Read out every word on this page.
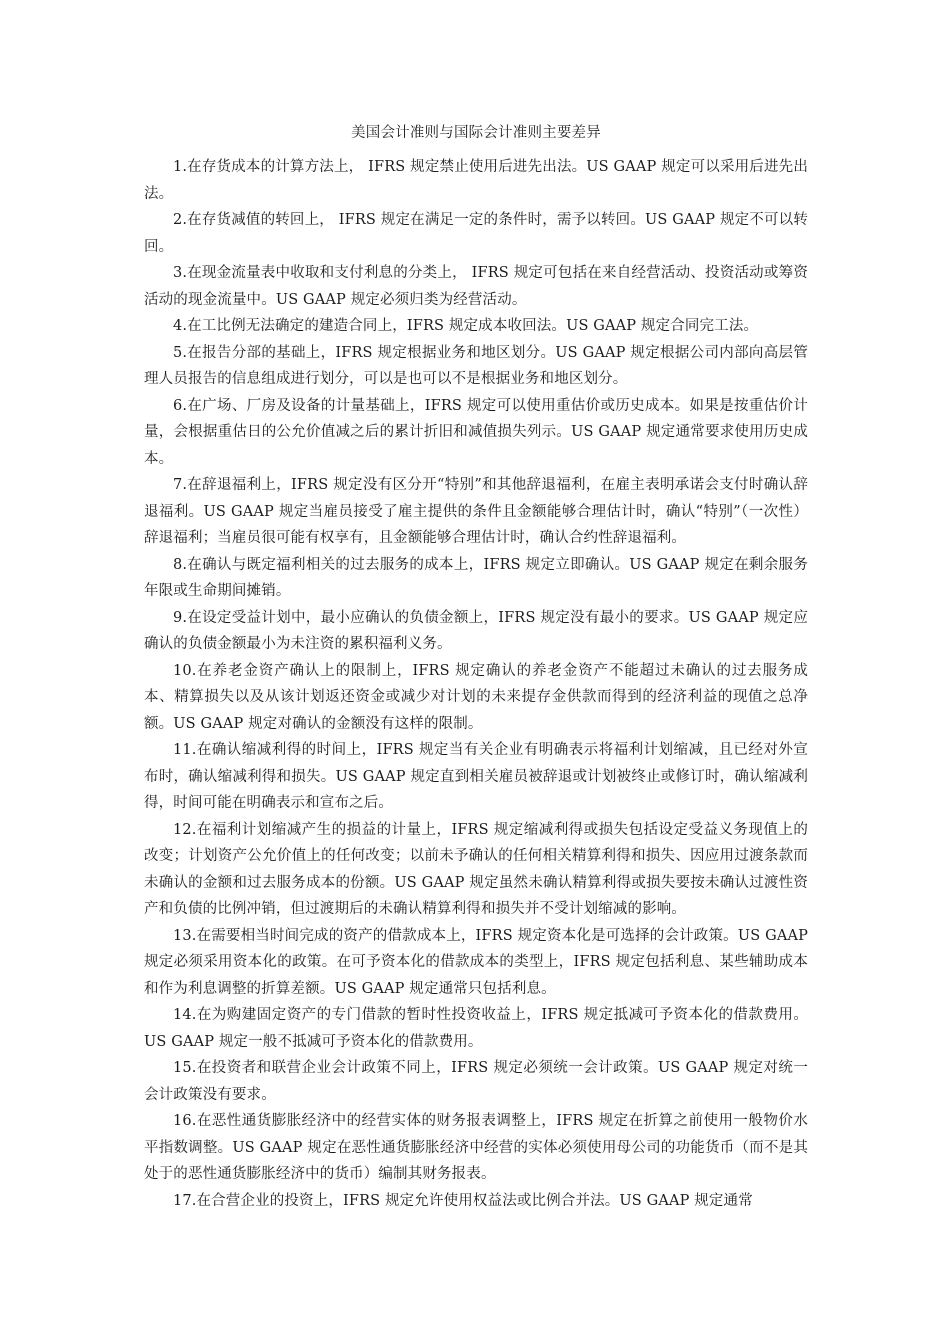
美国会计准则与国际会计准则主要差异

1.在存货成本的计算方法上， IFRS 规定禁止使用后进先出法。US GAAP 规定可以采用后进先出法。

2.在存货减值的转回上， IFRS 规定在满足一定的条件时，需予以转回。US GAAP 规定不可以转回。

3.在现金流量表中收取和支付利息的分类上， IFRS 规定可包括在来自经营活动、投资活动或筹资活动的现金流量中。US GAAP 规定必须归类为经营活动。

4.在工比例无法确定的建造合同上，IFRS 规定成本收回法。US GAAP 规定合同完工法。

5.在报告分部的基础上，IFRS 规定根据业务和地区划分。US GAAP 规定根据公司内部向高层管理人员报告的信息组成进行划分，可以是也可以不是根据业务和地区划分。

6.在广场、厂房及设备的计量基础上，IFRS 规定可以使用重估价或历史成本。如果是按重估价计量，会根据重估日的公允价值减之后的累计折旧和减值损失列示。US GAAP 规定通常要求使用历史成本。

7.在辞退福利上，IFRS 规定没有区分开“特别”和其他辞退福利，在雇主表明承诺会支付时确认辞退福利。US GAAP 规定当雇员接受了雇主提供的条件且金额能够合理估计时，确认“特别”（一次性）辞退福利；当雇员很可能有权享有，且金额能够合理估计时，确认合约性辞退福利。

8.在确认与既定福利相关的过去服务的成本上，IFRS 规定立即确认。US GAAP 规定在剩余服务年限或生命期间摊销。

9.在设定受益计划中，最小应确认的负债金额上，IFRS 规定没有最小的要求。US GAAP 规定应确认的负债金额最小为未注资的累积福利义务。

10.在养老金资产确认上的限制上，IFRS 规定确认的养老金资产不能超过未确认的过去服务成本、精算损失以及从该计划返还资金或减少对计划的未来提存金供款而得到的经济利益的现值之总净额。US GAAP 规定对确认的金额没有这样的限制。

11.在确认缩减利得的时间上，IFRS 规定当有关企业有明确表示将福利计划缩减，且已经对外宣布时，确认缩减利得和损失。US GAAP 规定直到相关雇员被辞退或计划被终止或修订时，确认缩减利得，时间可能在明确表示和宣布之后。

12.在福利计划缩减产生的损益的计量上，IFRS 规定缩减利得或损失包括设定受益义务现值上的改变；计划资产公允价值上的任何改变；以前未予确认的任何相关精算利得和损失、因应用过渡条款而未确认的金额和过去服务成本的份额。US GAAP 规定虽然未确认精算利得或损失要按未确认过渡性资产和负债的比例冲销，但过渡期后的未确认精算利得和损失并不受计划缩减的影响。

13.在需要相当时间完成的资产的借款成本上，IFRS 规定资本化是可选择的会计政策。US GAAP 规定必须采用资本化的政策。在可予资本化的借款成本的类型上，IFRS 规定包括利息、某些辅助成本和作为利息调整的折算差额。US GAAP 规定通常只包括利息。

14.在为购建固定资产的专门借款的暂时性投资收益上，IFRS 规定抵减可予资本化的借款费用。US GAAP 规定一般不抵减可予资本化的借款费用。

15.在投资者和联营企业会计政策不同上，IFRS 规定必须统一会计政策。US GAAP 规定对统一会计政策没有要求。

16.在恶性通货膨胀经济中的经营实体的财务报表调整上，IFRS 规定在折算之前使用一般物价水平指数调整。US GAAP 规定在恶性通货膨胀经济中经营的实体必须使用母公司的功能货币（而不是其处于的恶性通货膨胀经济中的货币）编制其财务报表。

17.在合营企业的投资上，IFRS 规定允许使用权益法或比例合并法。US GAAP 规定通常
